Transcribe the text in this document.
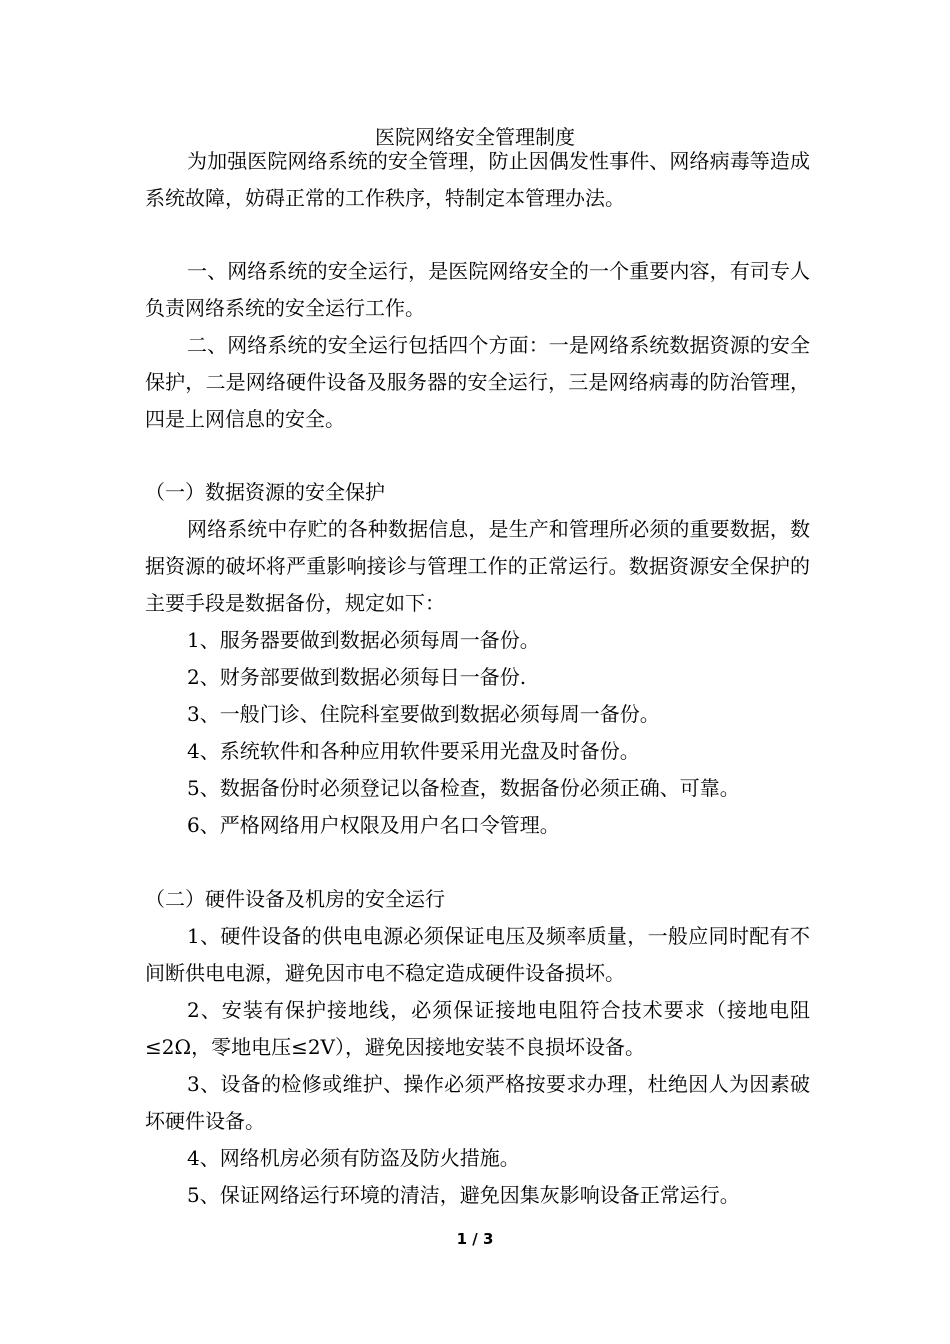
医院网络安全管理制度

为加强医院网络系统的安全管理，防止因偶发性事件、网络病毒等造成系统故障，妨碍正常的工作秩序，特制定本管理办法。

一、网络系统的安全运行，是医院网络安全的一个重要内容，有司专人负责网络系统的安全运行工作。

二、网络系统的安全运行包括四个方面：一是网络系统数据资源的安全保护，二是网络硬件设备及服务器的安全运行，三是网络病毒的防治管理，四是上网信息的安全。

（一）数据资源的安全保护

网络系统中存贮的各种数据信息，是生产和管理所必须的重要数据，数据资源的破坏将严重影响接诊与管理工作的正常运行。数据资源安全保护的主要手段是数据备份，规定如下：

1、服务器要做到数据必须每周一备份。

2、财务部要做到数据必须每日一备份.

3、一般门诊、住院科室要做到数据必须每周一备份。

4、系统软件和各种应用软件要采用光盘及时备份。

5、数据备份时必须登记以备检查，数据备份必须正确、可靠。

6、严格网络用户权限及用户名口令管理。

（二）硬件设备及机房的安全运行

1、硬件设备的供电电源必须保证电压及频率质量，一般应同时配有不间断供电电源，避免因市电不稳定造成硬件设备损坏。

2、安装有保护接地线，必须保证接地电阻符合技术要求（接地电阻≤2Ω，零地电压≤2V），避免因接地安装不良损坏设备。

3、设备的检修或维护、操作必须严格按要求办理，杜绝因人为因素破坏硬件设备。

4、网络机房必须有防盗及防火措施。

5、保证网络运行环境的清洁，避免因集灰影响设备正常运行。

1 / 3
